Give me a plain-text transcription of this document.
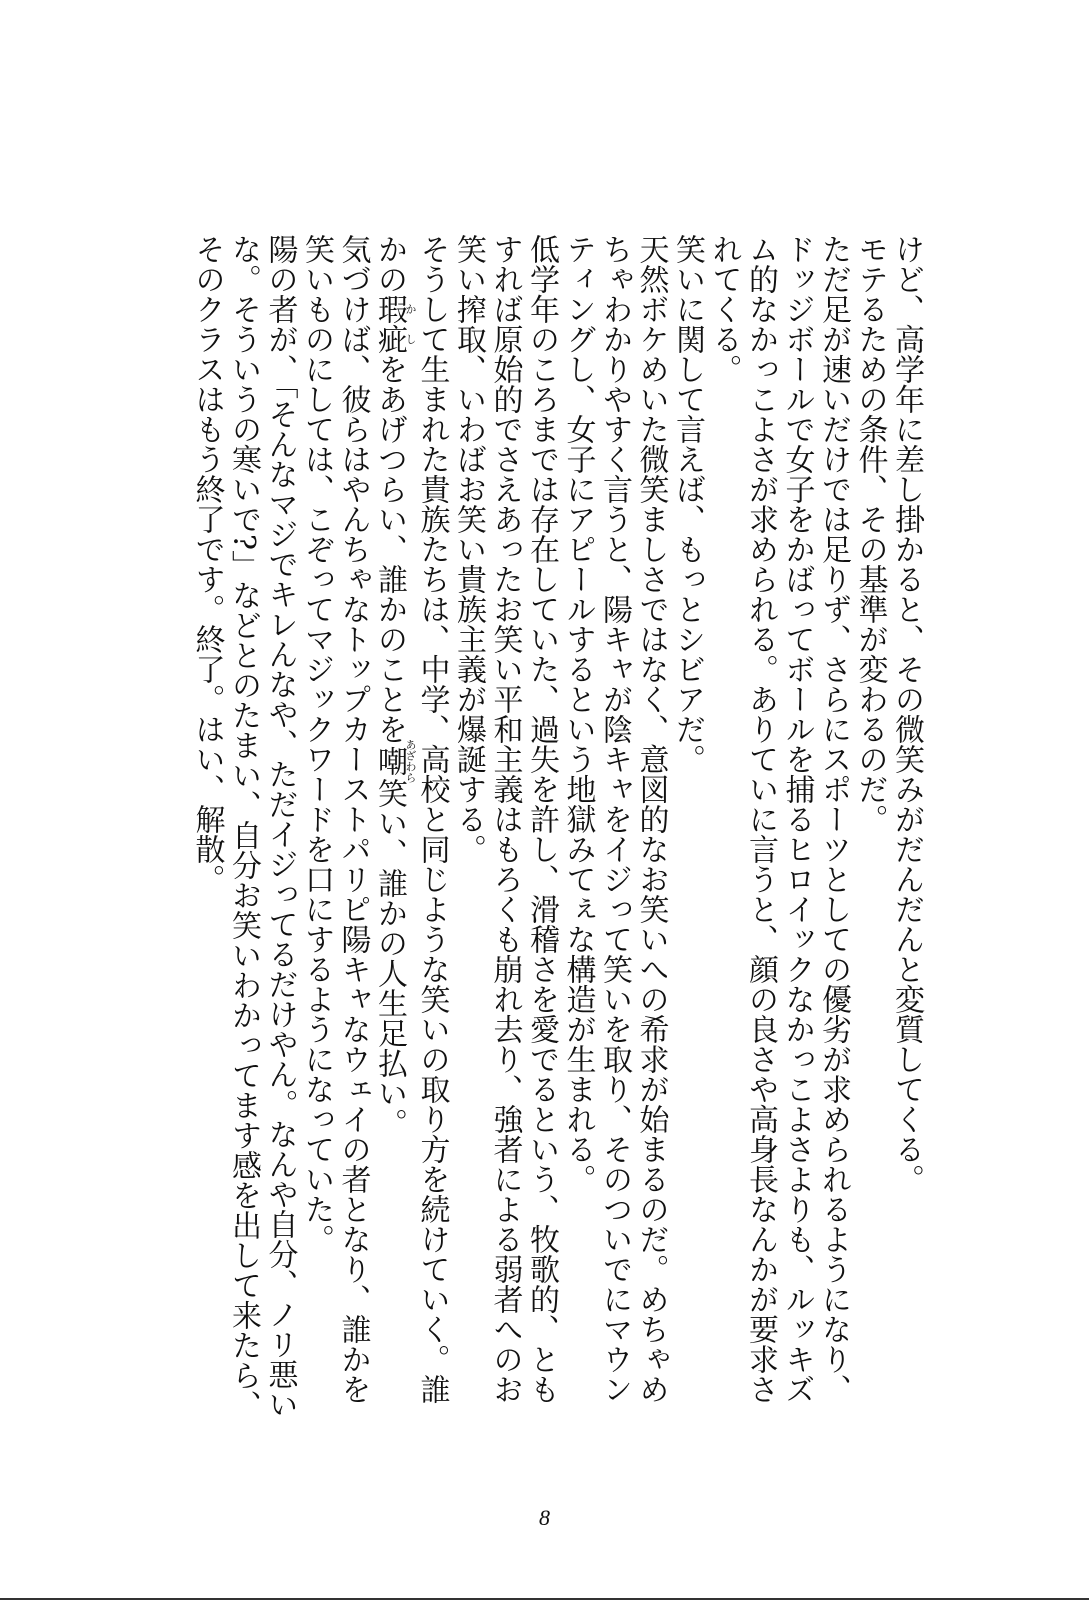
けど、高学年に差し掛かると、その微笑みがだんだんと変質してくる。

モテるための条件、その基準が変わるのだ。

ただ足が速いだけでは足りず、さらにスポーツとしての優劣が求められるようになり、ドッジボールで女子をかばってボールを捕るヒロイックなかっこよさよりも、ルッキズム的なかっこよさが求められる。ありていに言うと、顔の良さや高身長なんかが要求されてくる。

笑いに関して言えば、もっとシビアだ。

天然ボケめいた微笑ましさではなく、意図的なお笑いへの希求が始まるのだ。めちゃめちゃわかりやすく言うと、陽キャが陰キャをイジって笑いを取り、そのついでにマウンティングし、女子にアピールするという地獄みてぇな構造が生まれる。

低学年のころまでは存在していた、過失を許し、滑稽さを愛でるという、牧歌的、ともすれば原始的でさえあったお笑い平和主義はもろくも崩れ去り、強者による弱者へのお笑い搾取、いわばお笑い貴族主義が爆誕する。

そうして生まれた貴族たちは、中学、高校と同じような笑いの取り方を続けていく。誰かの瑕疵かしをあげつらい、誰かのことを嘲あざわら笑い、誰かの人生足払い。

気づけば、彼らはやんちゃなトップカーストパリピ陽キャなウェイの者となり、誰かを笑いものにしては、こぞってマジックワードを口にするようになっていた。

陽の者が、「そんなマジでキレんなや、ただイジってるだけやん。なんや自分、ノリ悪いな。そういうの寒いで?」などとのたまい、自分お笑いわかってます感を出して来たら、そのクラスはもう終了です。終了。はい、解散。

8
